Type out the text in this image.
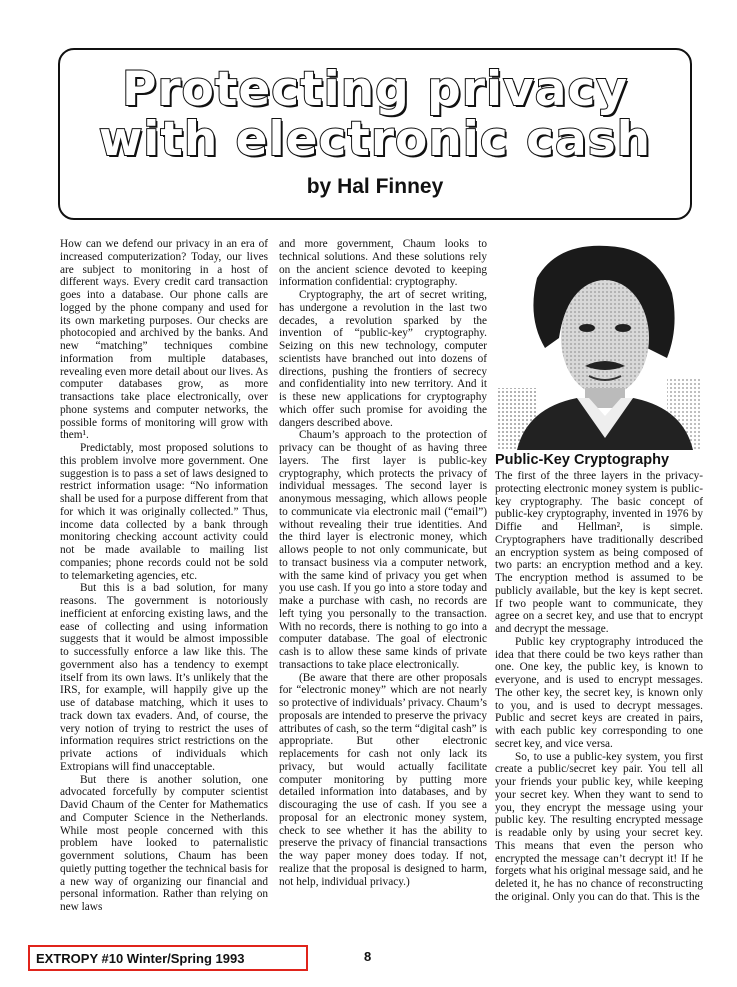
Protecting privacy
with electronic cash
by Hal Finney

How can we defend our privacy in an era of increased computerization? Today, our lives are subject to monitoring in a host of different ways. Every credit card transaction goes into a database. Our phone calls are logged by the phone company and used for its own marketing purposes. Our checks are photocopied and archived by the banks. And new “matching” techniques combine information from multiple databases, revealing even more detail about our lives. As computer databases grow, as more transactions take place electronically, over phone systems and computer networks, the possible forms of monitoring will grow with them¹.

Predictably, most proposed solutions to this problem involve more government. One suggestion is to pass a set of laws designed to restrict information usage: “No information shall be used for a purpose different from that for which it was originally collected.” Thus, income data collected by a bank through monitoring checking account activity could not be made available to mailing list companies; phone records could not be sold to telemarketing agencies, etc.

But this is a bad solution, for many reasons. The government is notoriously inefficient at enforcing existing laws, and the ease of collecting and using information suggests that it would be almost impossible to successfully enforce a law like this. The government also has a tendency to exempt itself from its own laws. It’s unlikely that the IRS, for example, will happily give up the use of database matching, which it uses to track down tax evaders. And, of course, the very notion of trying to restrict the uses of information requires strict restrictions on the private actions of individuals which Extropians will find unacceptable.

But there is another solution, one advocated forcefully by computer scientist David Chaum of the Center for Mathematics and Computer Science in the Netherlands. While most people concerned with this problem have looked to paternalistic government solutions, Chaum has been quietly putting together the technical basis for a new way of organizing our financial and personal information. Rather than relying on new laws

and more government, Chaum looks to technical solutions. And these solutions rely on the ancient science devoted to keeping information confidential: cryptography.

Cryptography, the art of secret writing, has undergone a revolution in the last two decades, a revolution sparked by the invention of “public-key” cryptography. Seizing on this new technology, computer scientists have branched out into dozens of directions, pushing the frontiers of secrecy and confidentiality into new territory. And it is these new applications for cryptography which offer such promise for avoiding the dangers described above.

Chaum’s approach to the protection of privacy can be thought of as having three layers. The first layer is public-key cryptography, which protects the privacy of individual messages. The second layer is anonymous messaging, which allows people to communicate via electronic mail (“email”) without revealing their true identities. And the third layer is electronic money, which allows people to not only communicate, but to transact business via a computer network, with the same kind of privacy you get when you use cash. If you go into a store today and make a purchase with cash, no records are left tying you personally to the transaction. With no records, there is nothing to go into a computer database. The goal of electronic cash is to allow these same kinds of private transactions to take place electronically.

(Be aware that there are other proposals for “electronic money” which are not nearly so protective of individuals’ privacy. Chaum’s proposals are intended to preserve the privacy attributes of cash, so the term “digital cash” is appropriate. But other electronic replacements for cash not only lack its privacy, but would actually facilitate computer monitoring by putting more detailed information into databases, and by discouraging the use of cash. If you see a proposal for an electronic money system, check to see whether it has the ability to preserve the privacy of financial transactions the way paper money does today. If not, realize that the proposal is designed to harm, not help, individual privacy.)

Public-Key Cryptography

The first of the three layers in the privacy-protecting electronic money system is public-key cryptography. The basic concept of public-key cryptography, invented in 1976 by Diffie and Hellman², is simple. Cryptographers have traditionally described an encryption system as being composed of two parts: an encryption method and a key. The encryption method is assumed to be publicly available, but the key is kept secret. If two people want to communicate, they agree on a secret key, and use that to encrypt and decrypt the message.

Public key cryptography introduced the idea that there could be two keys rather than one. One key, the public key, is known to everyone, and is used to encrypt messages. The other key, the secret key, is known only to you, and is used to decrypt messages. Public and secret keys are created in pairs, with each public key corresponding to one secret key, and vice versa.

So, to use a public-key system, you first create a public/secret key pair. You tell all your friends your public key, while keeping your secret key. When they want to send to you, they encrypt the message using your public key. The resulting encrypted message is readable only by using your secret key. This means that even the person who encrypted the message can’t decrypt it! If he forgets what his original message said, and he deleted it, he has no chance of reconstructing the original. Only you can do that. This is the

EXTROPY #10 Winter/Spring 1993	8
